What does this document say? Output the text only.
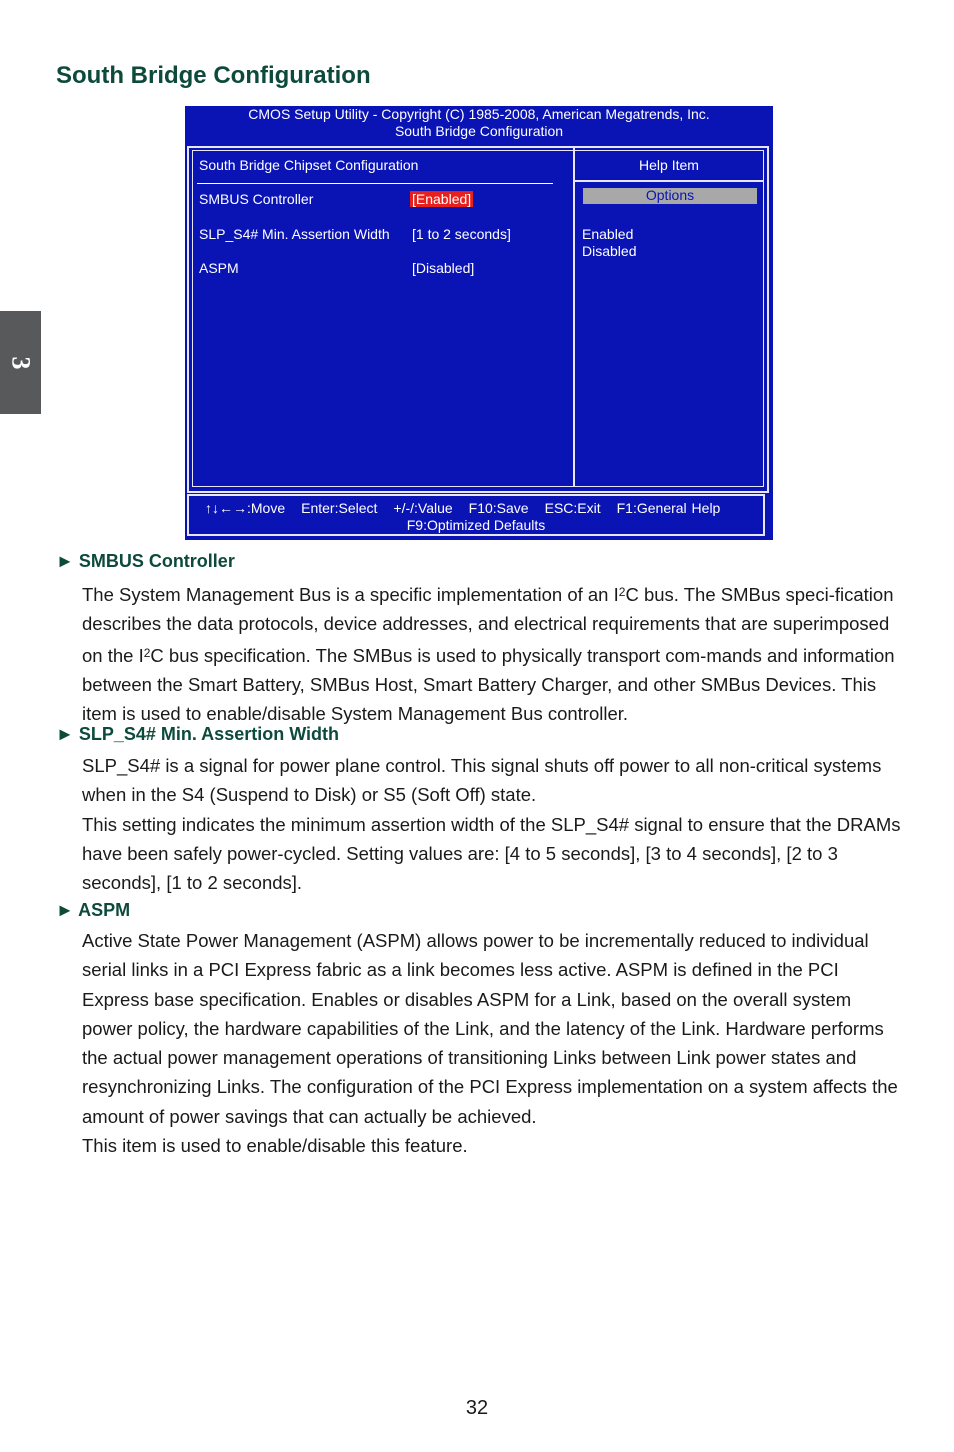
3
South Bridge Configuration
CMOS Setup Utility - Copyright (C) 1985-2008, American Megatrends, Inc.
South Bridge Configuration
South Bridge Chipset Configuration	Help Item
SMBUS Controller	[Enabled]
SLP_S4# Min. Assertion Width [1 to 2 seconds]
ASPM	[Disabled]
Options
Enabled
Disabled
↑↓←→:Move Enter:Select +/-/:Value F10:Save ESC:Exit F1:General Help
F9:Optimized Defaults
► SMBUS Controller

The System Management Bus is a specific implementation of an $I^2C$ bus. The SMBus speci-fication describes the data protocols, device addresses, and electrical requirements that are superimposed on the $I^2C$ bus specification. The SMBus is used to physically transport com-mands and information between the Smart Battery, SMBus Host, Smart Battery Charger, and other SMBus Devices. This item is used to enable/disable System Management Bus controller.

► SLP_S4# Min. Assertion Width

SLP_S4# is a signal for power plane control. This signal shuts off power to all non-critical systems when in the S4 (Suspend to Disk) or S5 (Soft Off) state.

This setting indicates the minimum assertion width of the SLP_S4# signal to ensure that the DRAMs have been safely power-cycled. Setting values are: [4 to 5 seconds], [3 to 4 seconds], [2 to 3 seconds], [1 to 2 seconds].

► ASPM

Active State Power Management (ASPM) allows power to be incrementally reduced to individual serial links in a PCI Express fabric as a link becomes less active. ASPM is defined in the PCI Express base specification. Enables or disables ASPM for a Link, based on the overall system power policy, the hardware capabilities of the Link, and the latency of the Link. Hardware performs the actual power management operations of transitioning Links between Link power states and resynchronizing Links. The configuration of the PCI Express implementation on a system affects the amount of power savings that can actually be achieved.

This item is used to enable/disable this feature.

32
